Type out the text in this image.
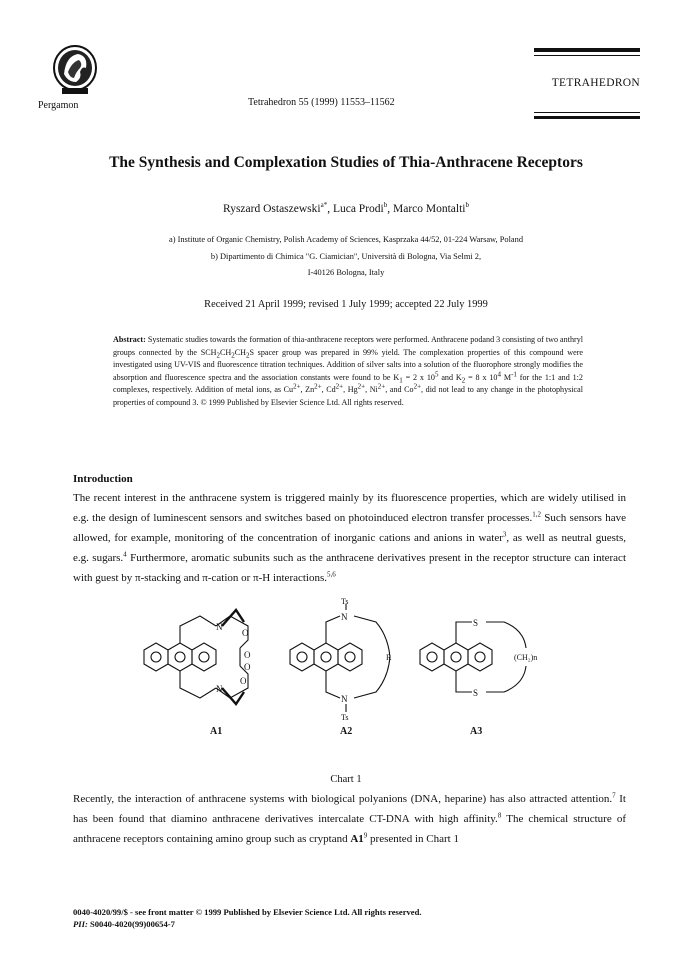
Pergamon	Tetrahedron 55 (1999) 11553–11562
TETRAHEDRON
The Synthesis and Complexation Studies of Thia-Anthracene Receptors
Ryszard Ostaszewski$^{a*}$, Luca Prodi$^b$, Marco Montalti$^b$
a) Institute of Organic Chemistry, Polish Academy of Sciences, Kasprzaka 44/52, 01-224 Warsaw, Poland
b) Dipartimento di Chimica "G. Ciamician", Università di Bologna, Via Selmi 2,
I-40126 Bologna, Italy
Received 21 April 1999; revised 1 July 1999; accepted 22 July 1999
Abstract: Systematic studies towards the formation of thia-anthracene receptors were performed. Anthracene podand 3 consisting of two anthryl groups connected by the $SCH_2CH_2CH_2S$ spacer group was prepared in 99% yield. The complexation properties of this compound were investigated using UV-VIS and fluorescence titration techniques. Addition of silver salts into a solution of the fluorophore strongly modifies the absorption and fluorescence spectra and the association constants were found to be $K_1 = 2$ x $10^5$ and $K_2 = 8$ x $10^4$ $M^{-1}$ for the 1:1 and 1:2 complexes, respectively. Addition of metal ions, as $Cu^{2+}$, $Zn^{2+}$, $Cd^{2+}$, $Hg^{2+}$, $Ni^{2+}$, and $Co^{2+}$, did not lead to any change in the photophysical properties of compound 3. © 1999 Published by Elsevier Science Ltd. All rights reserved.
Introduction
The recent interest in the anthracene system is triggered mainly by its fluorescence properties, which are widely utilised in e.g. the design of luminescent sensors and switches based on photoinduced electron transfer processes.$^{1,2}$ Such sensors have allowed, for example, monitoring of the concentration of inorganic cations and anions in water$^3$, as well as neutral guests, e.g. sugars.$^4$ Furthermore, aromatic subunits such as the anthracene derivatives present in the receptor structure can interact with guest by π-stacking and π-cation or π-H interactions.$^{5,6}$
N
N
O
O
O
O
Ts
N
N
Ts
R
S
S
(CH₂)n
A1	A2	A3
Chart 1
Recently, the interaction of anthracene systems with biological polyanions (DNA, heparine) has also attracted attention.$^7$ It has been found that diamino anthracene derivatives intercalate CT-DNA with high affinity.$^8$ The chemical structure of anthracene receptors containing amino group such as cryptand $A1^9$ presented in Chart 1
0040-4020/99/$ - see front matter © 1999 Published by Elsevier Science Ltd. All rights reserved.
PII: S0040-4020(99)00654-7
